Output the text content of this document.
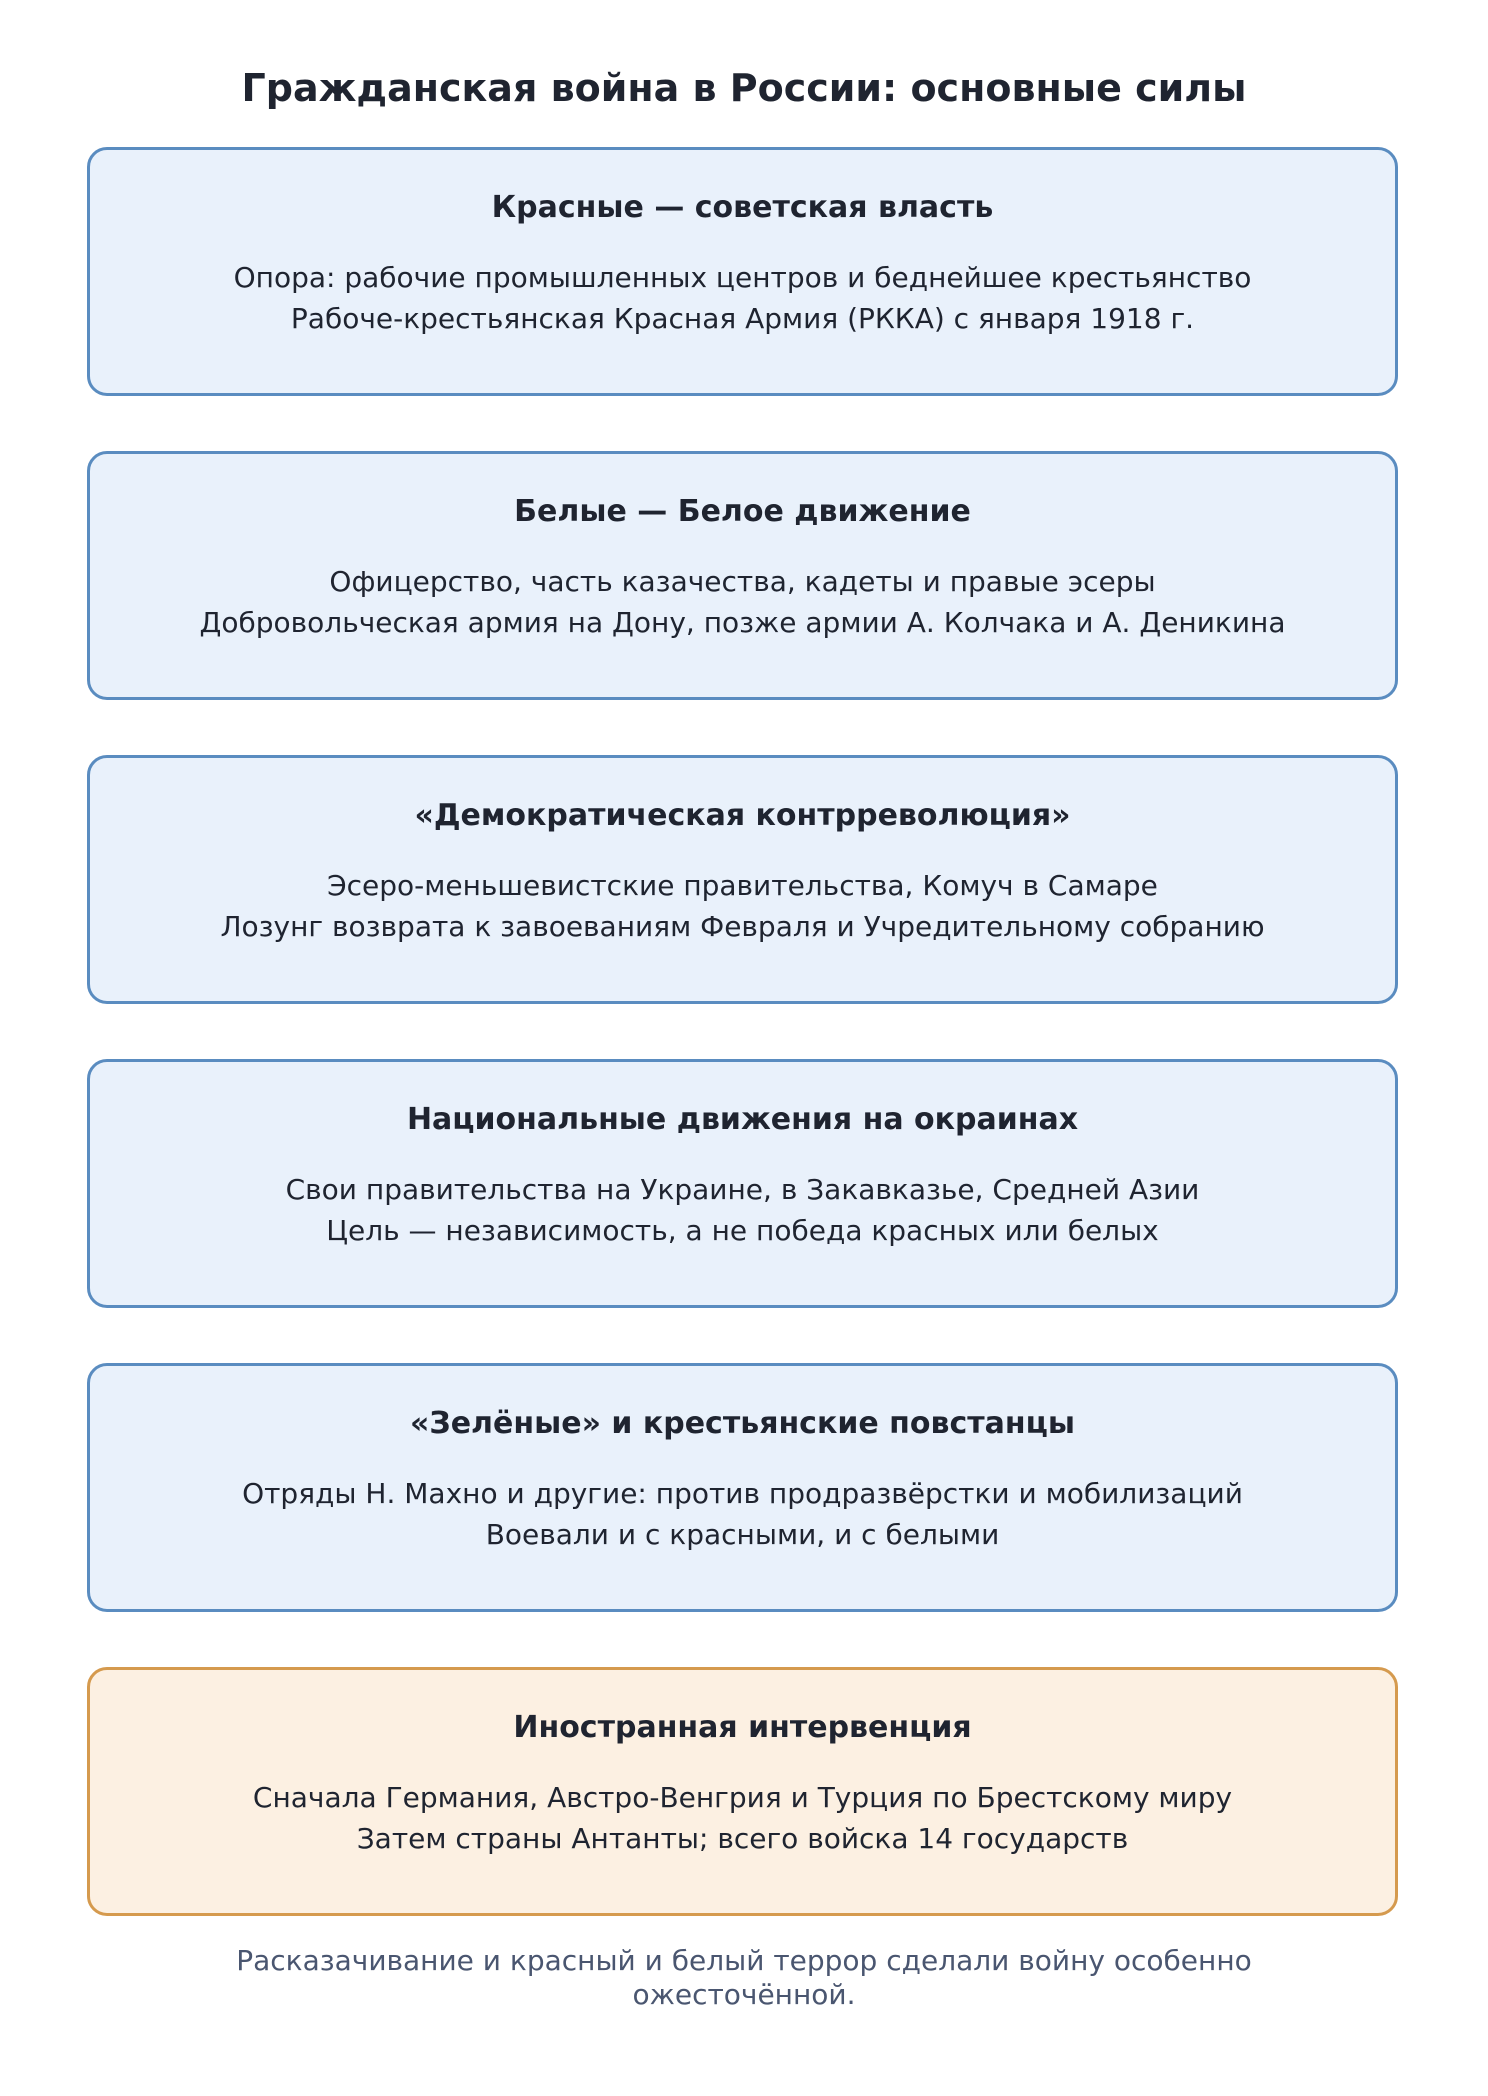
Гражданская война в России: основные силы

Красные — советская власть

Опора: рабочие промышленных центров и беднейшее крестьянство

Рабоче-крестьянская Красная Армия (РККА) с января 1918 г.

Белые — Белое движение

Офицерство, часть казачества, кадеты и правые эсеры

Добровольческая армия на Дону, позже армии А. Колчака и А. Деникина

«Демократическая контрреволюция»

Эсеро-меньшевистские правительства, Комуч в Самаре

Лозунг возврата к завоеваниям Февраля и Учредительному собранию

Национальные движения на окраинах

Свои правительства на Украине, в Закавказье, Средней Азии

Цель — независимость, а не победа красных или белых

«Зелёные» и крестьянские повстанцы

Отряды Н. Махно и другие: против продразвёрстки и мобилизаций

Воевали и с красными, и с белыми

Иностранная интервенция

Сначала Германия, Австро-Венгрия и Турция по Брестскому миру

Затем страны Антанты; всего войска 14 государств

Расказачивание и красный и белый террор сделали войну особенно ожесточённой.
